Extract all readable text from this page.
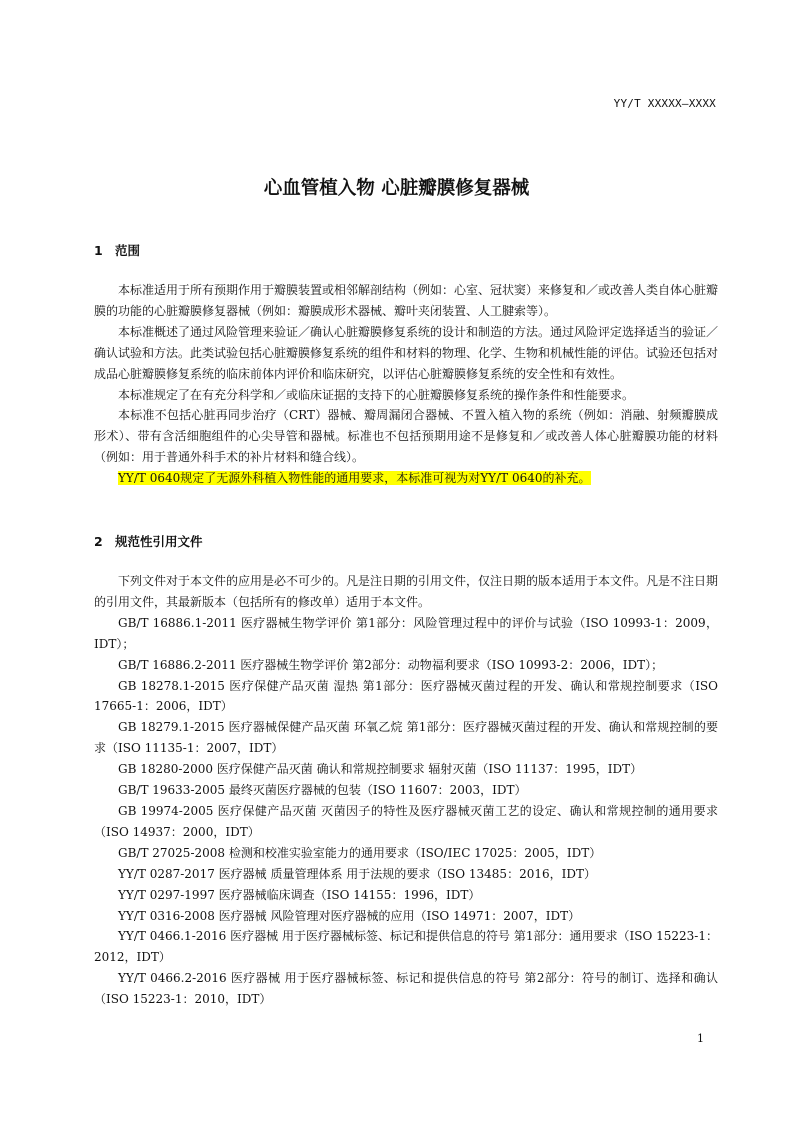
YY/T XXXXX—XXXX
心血管植入物 心脏瓣膜修复器械
1 范围

本标准适用于所有预期作用于瓣膜装置或相邻解剖结构（例如：心室、冠状窦）来修复和／或改善人类自体心脏瓣膜的功能的心脏瓣膜修复器械（例如：瓣膜成形术器械、瓣叶夹闭装置、人工腱索等）。

本标准概述了通过风险管理来验证／确认心脏瓣膜修复系统的设计和制造的方法。通过风险评定选择适当的验证／确认试验和方法。此类试验包括心脏瓣膜修复系统的组件和材料的物理、化学、生物和机械性能的评估。试验还包括对成品心脏瓣膜修复系统的临床前体内评价和临床研究，以评估心脏瓣膜修复系统的安全性和有效性。

本标准规定了在有充分科学和／或临床证据的支持下的心脏瓣膜修复系统的操作条件和性能要求。

本标准不包括心脏再同步治疗（CRT）器械、瓣周漏闭合器械、不置入植入物的系统（例如：消融、射频瓣膜成形术）、带有含活细胞组件的心尖导管和器械。标准也不包括预期用途不是修复和／或改善人体心脏瓣膜功能的材料（例如：用于普通外科手术的补片材料和缝合线）。

YY/T 0640规定了无源外科植入物性能的通用要求，本标准可视为对YY/T 0640的补充。

2 规范性引用文件

下列文件对于本文件的应用是必不可少的。凡是注日期的引用文件，仅注日期的版本适用于本文件。凡是不注日期的引用文件，其最新版本（包括所有的修改单）适用于本文件。

GB/T 16886.1-2011 医疗器械生物学评价 第1部分：风险管理过程中的评价与试验（ISO 10993-1：2009，IDT）；

GB/T 16886.2-2011 医疗器械生物学评价 第2部分：动物福利要求（ISO 10993-2：2006，IDT）；

GB 18278.1-2015 医疗保健产品灭菌 湿热 第1部分：医疗器械灭菌过程的开发、确认和常规控制要求（ISO 17665-1：2006，IDT）

GB 18279.1-2015 医疗器械保健产品灭菌 环氧乙烷 第1部分：医疗器械灭菌过程的开发、确认和常规控制的要求（ISO 11135-1：2007，IDT）

GB 18280-2000 医疗保健产品灭菌 确认和常规控制要求 辐射灭菌（ISO 11137：1995，IDT）

GB/T 19633-2005 最终灭菌医疗器械的包装（ISO 11607：2003，IDT）

GB 19974-2005 医疗保健产品灭菌 灭菌因子的特性及医疗器械灭菌工艺的设定、确认和常规控制的通用要求（ISO 14937：2000，IDT）

GB/T 27025-2008 检测和校准实验室能力的通用要求（ISO/IEC 17025：2005，IDT）

YY/T 0287-2017 医疗器械 质量管理体系 用于法规的要求（ISO 13485：2016，IDT）

YY/T 0297-1997 医疗器械临床调查（ISO 14155：1996，IDT）

YY/T 0316-2008 医疗器械 风险管理对医疗器械的应用（ISO 14971：2007，IDT）

YY/T 0466.1-2016 医疗器械 用于医疗器械标签、标记和提供信息的符号 第1部分：通用要求（ISO 15223-1：2012，IDT）

YY/T 0466.2-2016 医疗器械 用于医疗器械标签、标记和提供信息的符号 第2部分：符号的制订、选择和确认（ISO 15223-1：2010，IDT）

1
